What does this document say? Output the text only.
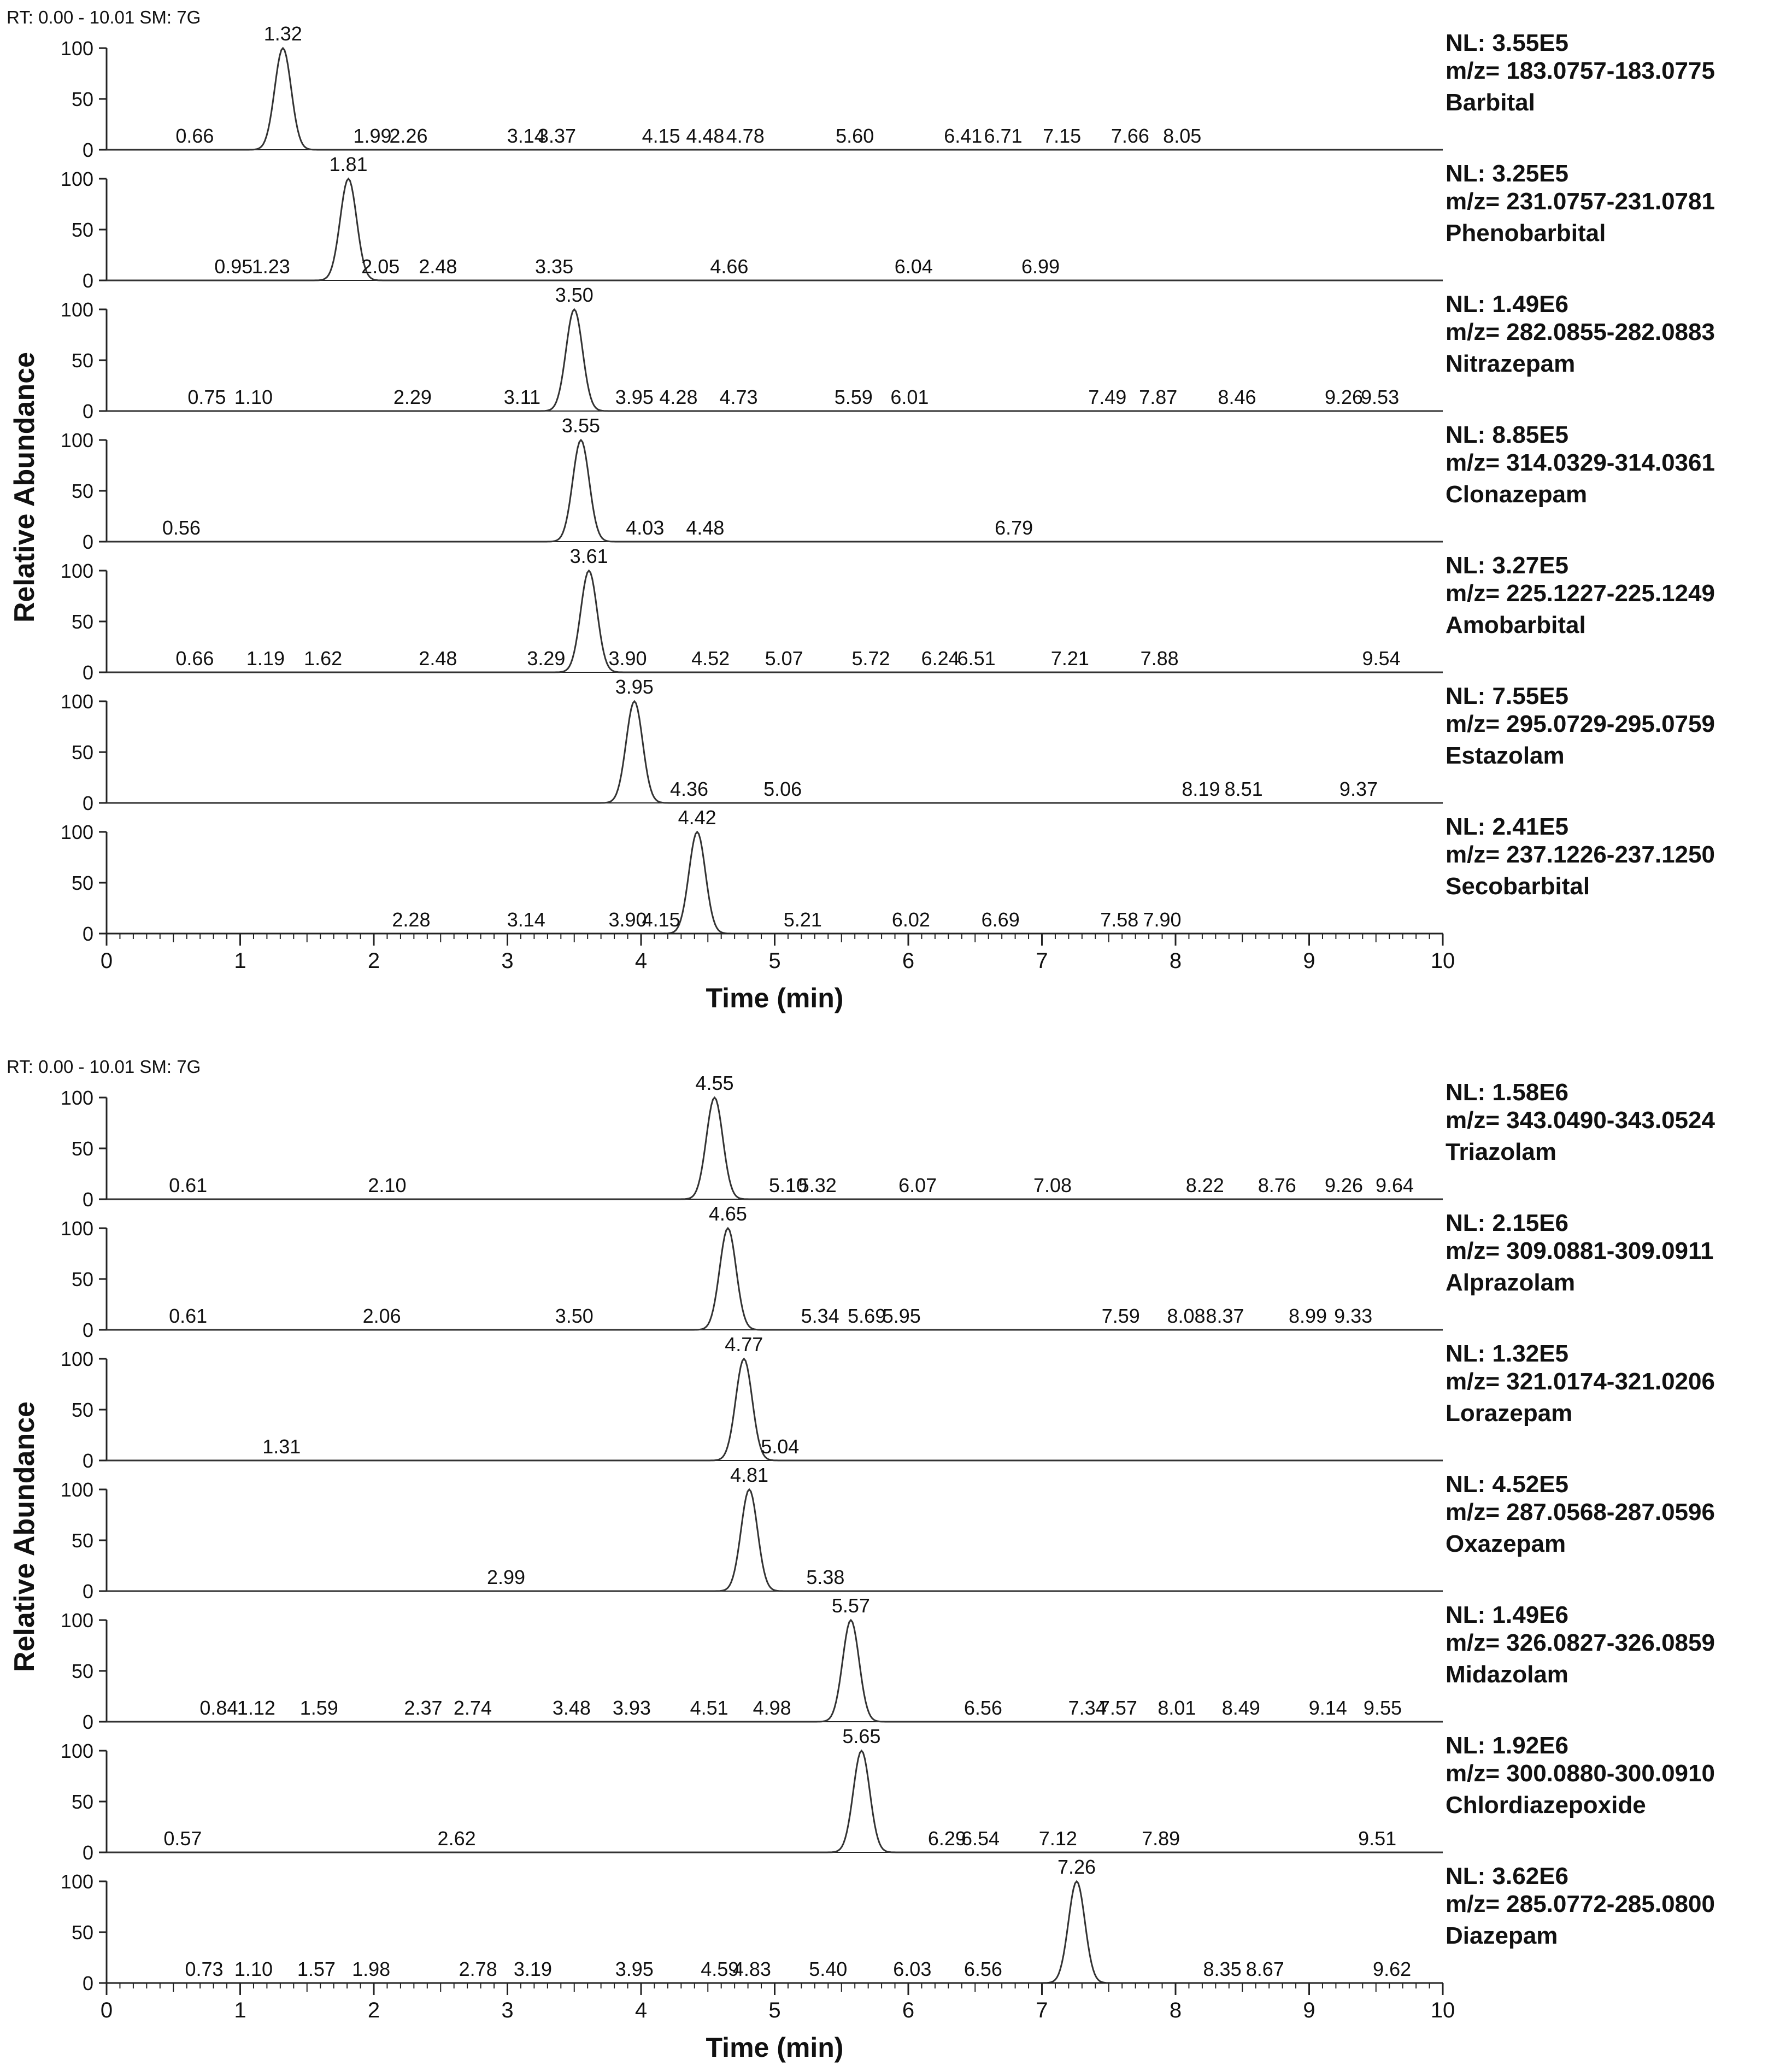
RT: 0.00 - 10.01 SM: 7G
0
50
100
1.32
0.66	1.99
2.26	3.14
3.37	4.15 4.48 4.78	5.60	6.41 6.71 7.15 7.66 8.05
NL: 3.55E5
m/z= 183.0757-183.0775
Barbital
0
50
100
1.81
0.95
1.23	2.05 2.48	3.35	4.66	6.04	6.99
NL: 3.25E5
m/z= 231.0757-231.0781
Phenobarbital
0
50
100
3.50
0.75 1.10	2.29	3.11	3.95 4.28 4.73	5.59 6.01	7.49 7.87 8.46	9.26
9.53
NL: 1.49E6
m/z= 282.0855-282.0883
Nitrazepam
0
50
100
3.55
0.56	4.03 4.48	6.79
NL: 8.85E5
m/z= 314.0329-314.0361
Clonazepam
0
50
100
3.61
0.66 1.19 1.62	2.48	3.29 3.90 4.52 5.07 5.72 6.24
6.51	7.21	7.88	9.54
NL: 3.27E5
m/z= 225.1227-225.1249
Amobarbital
0
50
100
3.95
4.36	5.06	8.19 8.51	9.37
NL: 7.55E5
m/z= 295.0729-295.0759
Estazolam
0
50
100
4.42
2.28	3.14	3.90
4.15	5.21	6.02	6.69	7.58 7.90
NL: 2.41E5
m/z= 237.1226-237.1250
Secobarbital
0	1	2	3	4	5	6	7	8	9	10
Time (min)
Relative Abundance
RT: 0.00 - 10.01 SM: 7G
0
50
100
4.55
0.61	2.10	5.10
5.32	6.07	7.08	8.22 8.76 9.26 9.64
NL: 1.58E6
m/z= 343.0490-343.0524
Triazolam
0
50
100
4.65
0.61	2.06	3.50	5.34 5.69
5.95	7.59 8.08 8.37 8.99 9.33
NL: 2.15E6
m/z= 309.0881-309.0911
Alprazolam
0
50
100
4.77
1.31	5.04
NL: 1.32E5
m/z= 321.0174-321.0206
Lorazepam
0
50
100
4.81
2.99	5.38
NL: 4.52E5
m/z= 287.0568-287.0596
Oxazepam
0
50
100
5.57
0.84
1.12 1.59	2.37 2.74	3.48 3.93 4.51 4.98	6.56	7.34
7.57 8.01 8.49 9.14 9.55
NL: 1.49E6
m/z= 326.0827-326.0859
Midazolam
0
50
100
5.65
0.57	2.62	6.29
6.54 7.12	7.89	9.51
NL: 1.92E6
m/z= 300.0880-300.0910
Chlordiazepoxide
0
50
100
7.26
0.73 1.10 1.57 1.98	2.78 3.19	3.95 4.59
4.83 5.40 6.03 6.56	8.35 8.67	9.62
NL: 3.62E6
m/z= 285.0772-285.0800
Diazepam
0	1	2	3	4	5	6	7	8	9	10
Time (min)
Relative Abundance
